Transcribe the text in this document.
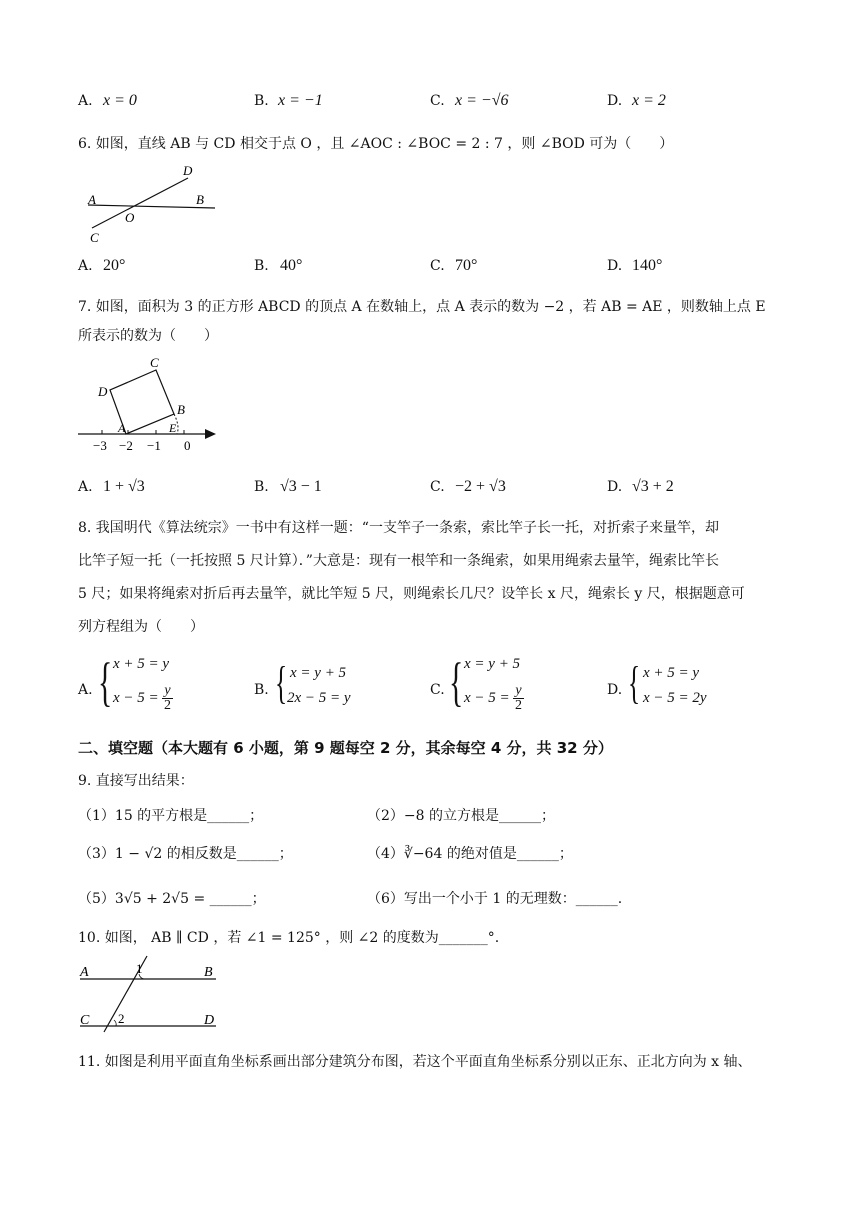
A. x = 0	B. x = −1	C. x = −√6	D. x = 2
6. 如图，直线 AB 与 CD 相交于点 O ，且 ∠AOC : ∠BOC = 2 : 7 ，则 ∠BOD 可为（　　）
A	B
C
D
O
A. 20°	B. 40°	C. 70°	D. 140°
7. 如图，面积为 3 的正方形 ABCD 的顶点 A 在数轴上，点 A 表示的数为 −2 ，若 AB = AE ，则数轴上点 E
所表示的数为（　　）
D
C
B
A	E
−3 −2 −1 0
A. 1 + √3	B. √3 − 1	C. −2 + √3	D. √3 + 2
8. 我国明代《算法统宗》一书中有这样一题：“一支竿子一条索，索比竿子长一托，对折索子来量竿，却
比竿子短一托（一托按照 5 尺计算）．”大意是：现有一根竿和一条绳索，如果用绳索去量竿，绳索比竿长
5 尺；如果将绳索对折后再去量竿，就比竿短 5 尺，则绳索长几尺？设竿长 x 尺，绳索长 y 尺，根据题意可
列方程组为（　　）
A. { x + 5 = y
$x - 5 = \frac{y}{2}$	B. { x = y + 5
2x − 5 = y	C. { x = y + 5
$x - 5 = \frac{y}{2}$	D. { x + 5 = y
x − 5 = 2y
二、填空题（本大题有 6 小题，第 9 题每空 2 分，其余每空 4 分，共 32 分）
9. 直接写出结果：
（1）15 的平方根是______；	（2）−8 的立方根是______；
（3）1 − √2 的相反数是______；	（4）∛−64 的绝对值是______；
（5）3√5 + 2√5 = ______；	（6）写出一个小于 1 的无理数：______.
10. 如图， AB ∥ CD ，若 ∠1 = 125° ，则 ∠2 的度数为_______°.
A	B
C	D
1
2
11. 如图是利用平面直角坐标系画出部分建筑分布图，若这个平面直角坐标系分别以正东、正北方向为 x 轴、
